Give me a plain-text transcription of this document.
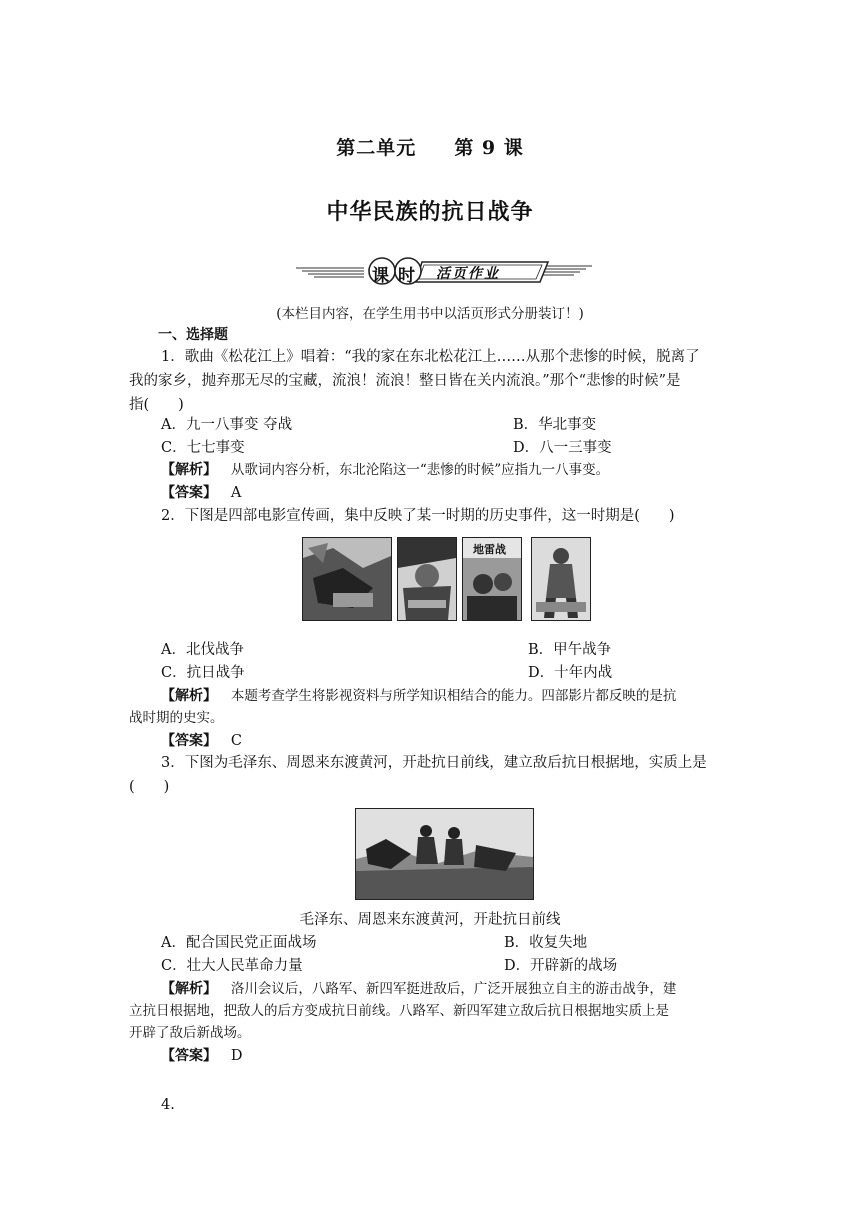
第二单元 第 9 课
中华民族的抗日战争
课 时 活页作业
(本栏目内容，在学生用书中以活页形式分册装订！)
一、选择题
1．歌曲《松花江上》唱着：“我的家在东北松花江上……从那个悲惨的时候，脱离了
我的家乡，抛弃那无尽的宝藏，流浪！流浪！整日皆在关内流浪。”那个“悲惨的时候”是
指(　　)
A．九一八事变 夺战	B．华北事变
C．七七事变	D．八一三事变
【解析】 从歌词内容分析，东北沦陷这一“悲惨的时候”应指九一八事变。
【答案】 A
2．下图是四部电影宣传画，集中反映了某一时期的历史事件，这一时期是(　　)
地雷战
A．北伐战争	B．甲午战争
C．抗日战争	D．十年内战
【解析】 本题考查学生将影视资料与所学知识相结合的能力。四部影片都反映的是抗
战时期的史实。
【答案】 C
3．下图为毛泽东、周恩来东渡黄河，开赴抗日前线，建立敌后抗日根据地，实质上是
(　　)
毛泽东、周恩来东渡黄河，开赴抗日前线
A．配合国民党正面战场	B．收复失地
C．壮大人民革命力量	D．开辟新的战场
【解析】 洛川会议后，八路军、新四军挺进敌后，广泛开展独立自主的游击战争，建
立抗日根据地，把敌人的后方变成抗日前线。八路军、新四军建立敌后抗日根据地实质上是
开辟了敌后新战场。
【答案】 D
4.
